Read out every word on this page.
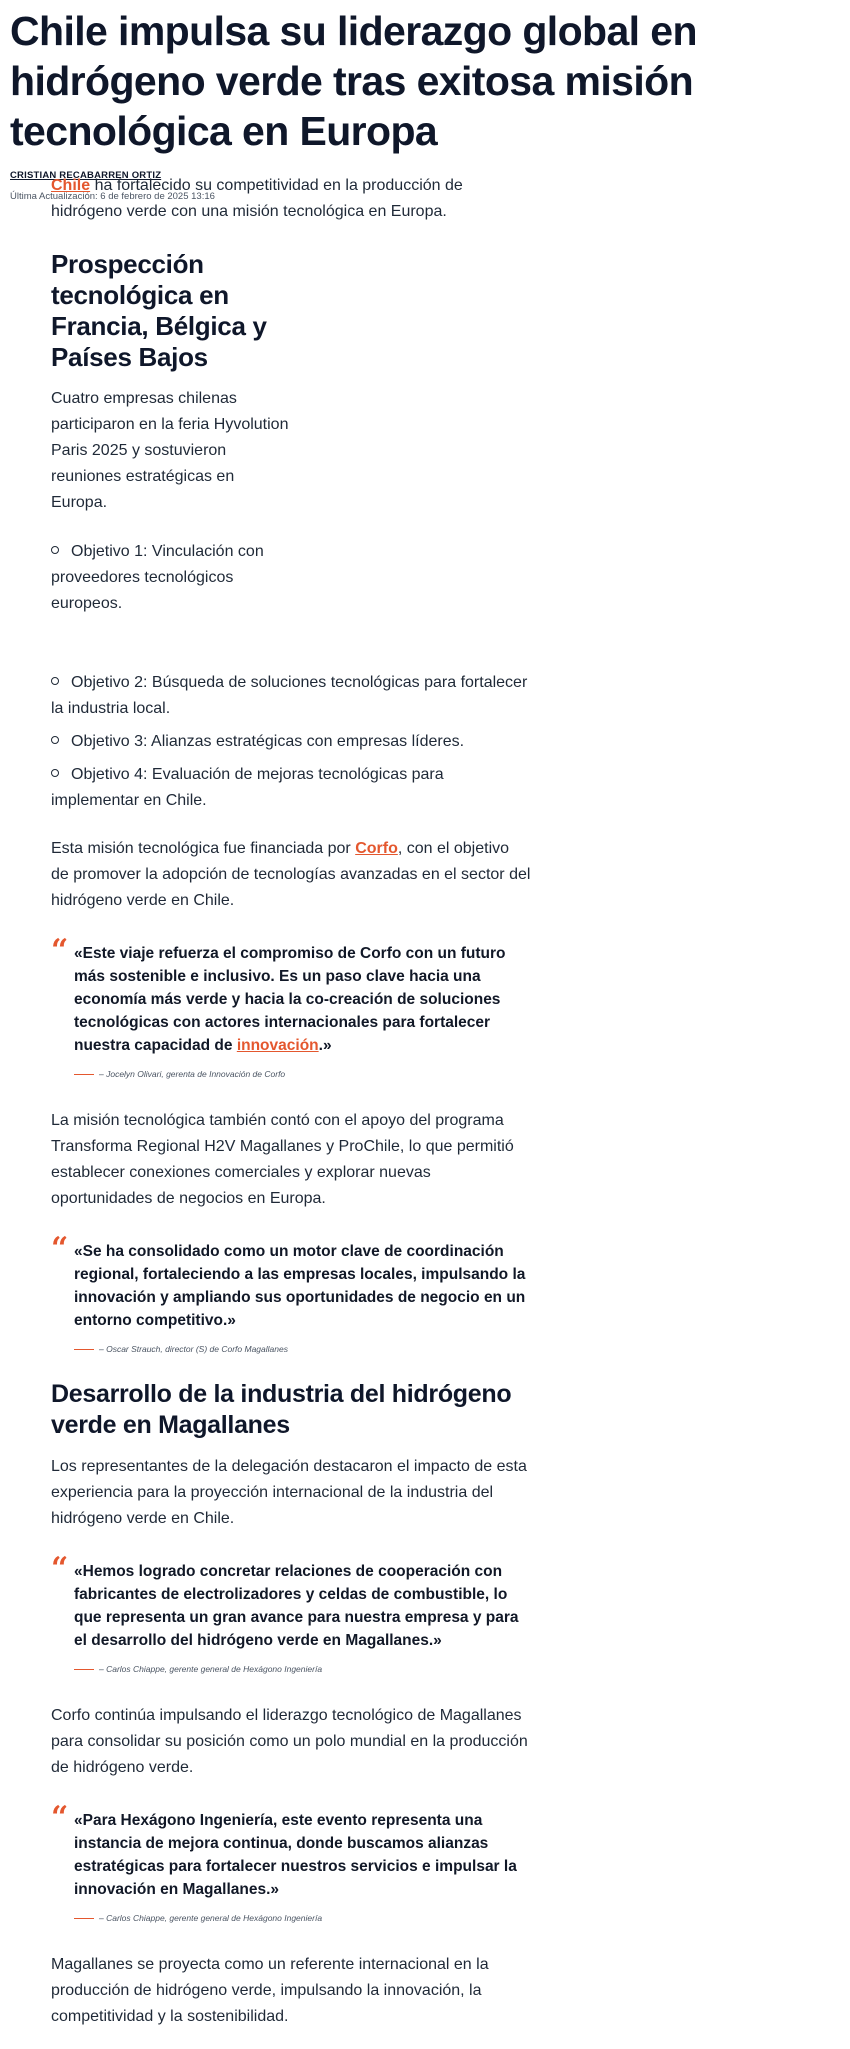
Chile impulsa su liderazgo global en hidrógeno verde tras exitosa misión tecnológica en Europa
CRISTIAN RECABARREN ORTIZ
Última Actualización: 6 de febrero de 2025 13:16

Chile ha fortalecido su competitividad en la producción de hidrógeno verde con una misión tecnológica en Europa.

Prospección tecnológica en Francia, Bélgica y Países Bajos

Cuatro empresas chilenas participaron en la feria Hyvolution Paris 2025 y sostuvieron reuniones estratégicas en Europa.

Objetivo 1: Vinculación con proveedores tecnológicos europeos.
Objetivo 2: Búsqueda de soluciones tecnológicas para fortalecer la industria local.
Objetivo 3: Alianzas estratégicas con empresas líderes.
Objetivo 4: Evaluación de mejoras tecnológicas para implementar en Chile.

Esta misión tecnológica fue financiada por Corfo, con el objetivo de promover la adopción de tecnologías avanzadas en el sector del hidrógeno verde en Chile.

“ «Este viaje refuerza el compromiso de Corfo con un futuro más sostenible e inclusivo. Es un paso clave hacia una economía más verde y hacia la co-creación de soluciones tecnológicas con actores internacionales para fortalecer nuestra capacidad de innovación.»
– Jocelyn Olivari, gerenta de Innovación de Corfo

La misión tecnológica también contó con el apoyo del programa Transforma Regional H2V Magallanes y ProChile, lo que permitió establecer conexiones comerciales y explorar nuevas oportunidades de negocios en Europa.

“ «Se ha consolidado como un motor clave de coordinación regional, fortaleciendo a las empresas locales, impulsando la innovación y ampliando sus oportunidades de negocio en un entorno competitivo.»
– Oscar Strauch, director (S) de Corfo Magallanes
Desarrollo de la industria del hidrógeno verde en Magallanes

Los representantes de la delegación destacaron el impacto de esta experiencia para la proyección internacional de la industria del hidrógeno verde en Chile.

“ «Hemos logrado concretar relaciones de cooperación con fabricantes de electrolizadores y celdas de combustible, lo que representa un gran avance para nuestra empresa y para el desarrollo del hidrógeno verde en Magallanes.»
– Carlos Chiappe, gerente general de Hexágono Ingeniería

Corfo continúa impulsando el liderazgo tecnológico de Magallanes para consolidar su posición como un polo mundial en la producción de hidrógeno verde.

“ «Para Hexágono Ingeniería, este evento representa una instancia de mejora continua, donde buscamos alianzas estratégicas para fortalecer nuestros servicios e impulsar la innovación en Magallanes.»
– Carlos Chiappe, gerente general de Hexágono Ingeniería

Magallanes se proyecta como un referente internacional en la producción de hidrógeno verde, impulsando la innovación, la competitividad y la sostenibilidad.
